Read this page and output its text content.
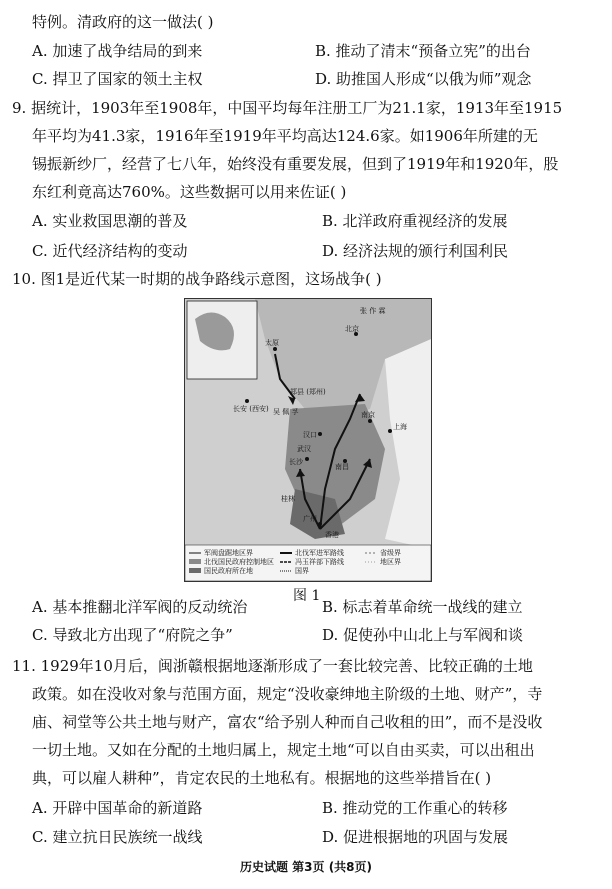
特例。清政府的这一做法( )
A. 加速了战争结局的到来	B. 推动了清末“预备立宪”的出台
C. 捍卫了国家的领土主权	D. 助推国人形成“以俄为师”观念
9. 据统计，1903年至1908年，中国平均每年注册工厂为21.1家，1913年至1915
年平均为41.3家，1916年至1919年平均高达124.6家。如1906年所建的无
锡振新纱厂，经营了七八年，始终没有重要发展，但到了1919年和1920年，股
东红利竟高达760%。这些数据可以用来佐证( )
A. 实业救国思潮的普及	B. 北洋政府重视经济的发展
C. 近代经济结构的变动	D. 经济法规的颁行利国利民
10. 图1是近代某一时期的战争路线示意图，这场战争( )
张 作 霖
北京
太原
长安 (西安)
郑县 (郑州)
吴 佩 孚	南京
上海
汉口
武汉
长沙
南昌
桂林
广州
香港
军阀盘踞地区界
北伐国民政府控制地区
国民政府所在地
北伐军进军路线
冯玉祥部下路线
国界
省级界
地区界
图 1
A. 基本推翻北洋军阀的反动统治	B. 标志着革命统一战线的建立
C. 导致北方出现了“府院之争”	D. 促使孙中山北上与军阀和谈
11. 1929年10月后，闽浙赣根据地逐渐形成了一套比较完善、比较正确的土地
政策。如在没收对象与范围方面，规定“没收豪绅地主阶级的土地、财产”，寺
庙、祠堂等公共土地与财产，富农“给予别人种而自己收租的田”，而不是没收
一切土地。又如在分配的土地归属上，规定土地“可以自由买卖，可以出租出
典，可以雇人耕种”，肯定农民的土地私有。根据地的这些举措旨在( )
A. 开辟中国革命的新道路	B. 推动党的工作重心的转移
C. 建立抗日民族统一战线	D. 促进根据地的巩固与发展
历史试题 第3页 (共8页)
